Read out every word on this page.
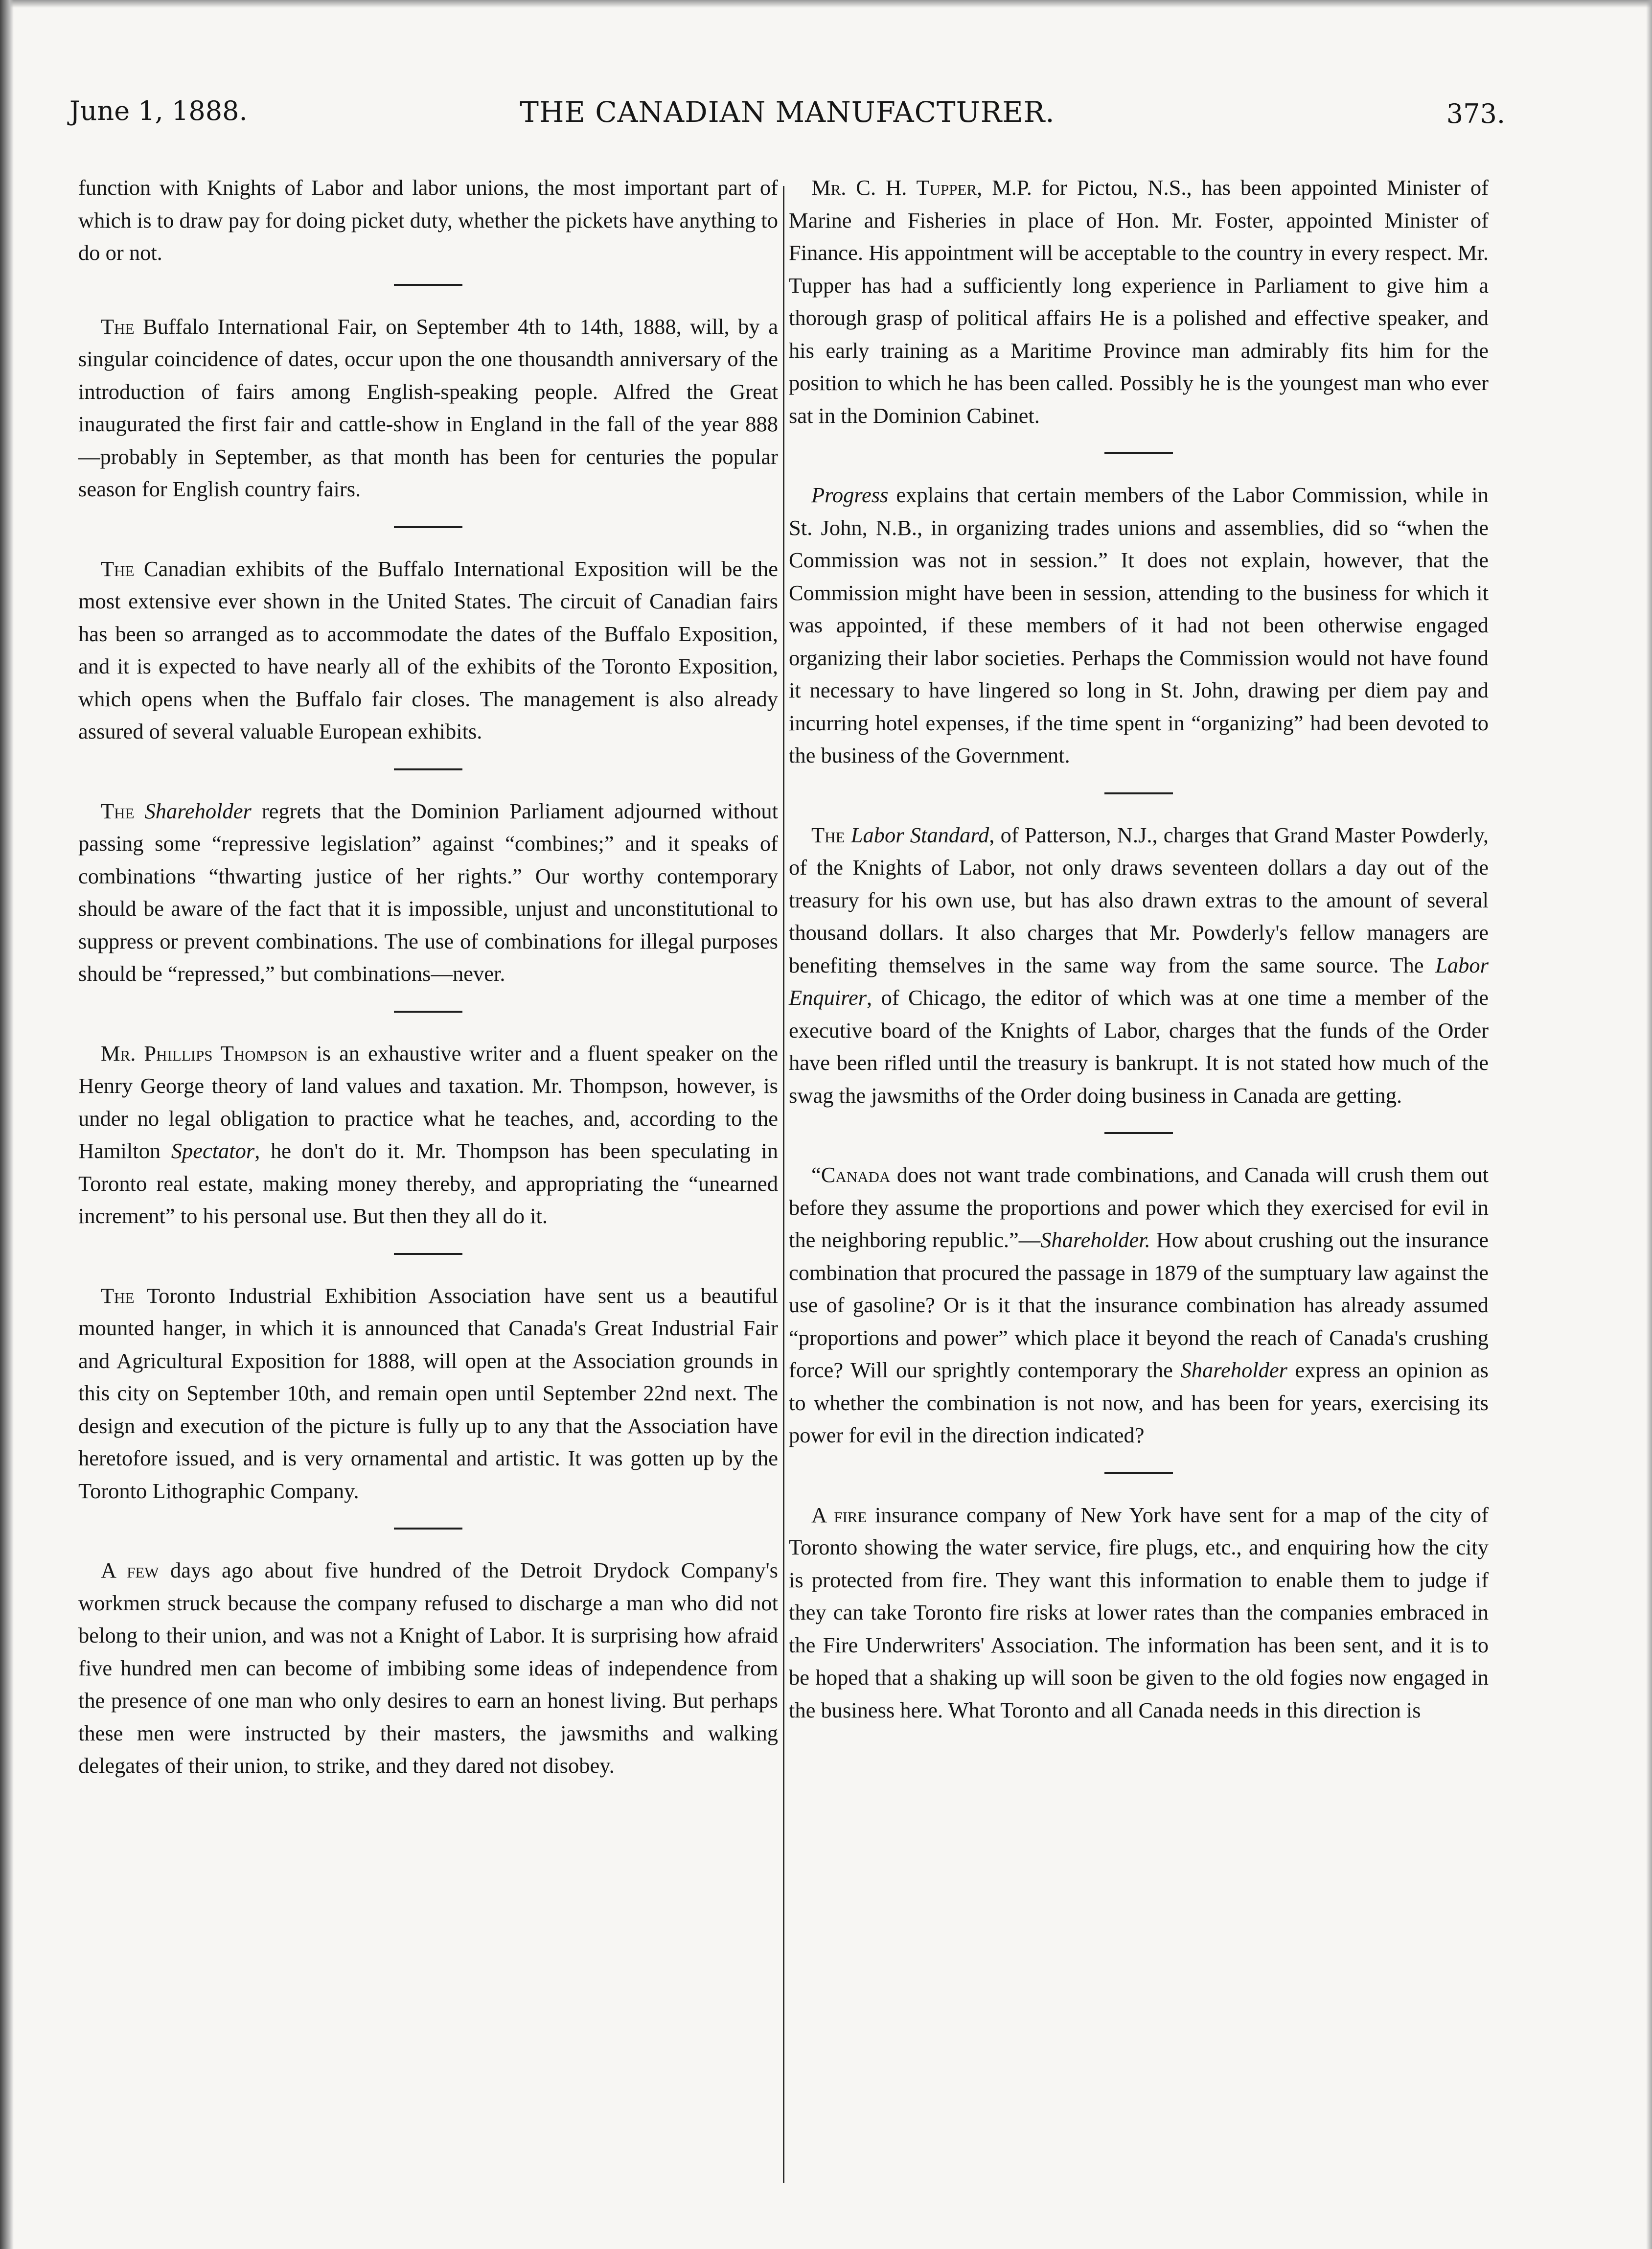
June 1, 1888.	THE CANADIAN MANUFACTURER.	373.

function with Knights of Labor and labor unions, the most important part of which is to draw pay for doing picket duty, whether the pickets have anything to do or not.

The Buffalo International Fair, on September 4th to 14th, 1888, will, by a singular coincidence of dates, occur upon the one thousandth anniversary of the introduction of fairs among English-speaking people. Alfred the Great inaugurated the first fair and cattle-show in England in the fall of the year 888 —probably in September, as that month has been for centuries the popular season for English country fairs.

The Canadian exhibits of the Buffalo International Exposition will be the most extensive ever shown in the United States. The circuit of Canadian fairs has been so arranged as to accommodate the dates of the Buffalo Exposition, and it is expected to have nearly all of the exhibits of the Toronto Exposition, which opens when the Buffalo fair closes. The management is also already assured of several valuable European exhibits.

The Shareholder regrets that the Dominion Parliament adjourned without passing some “repressive legislation” against “combines;” and it speaks of combinations “thwarting justice of her rights.” Our worthy contemporary should be aware of the fact that it is impossible, unjust and unconstitutional to suppress or prevent combinations. The use of combinations for illegal purposes should be “repressed,” but combinations—never.

Mr. Phillips Thompson is an exhaustive writer and a fluent speaker on the Henry George theory of land values and taxation. Mr. Thompson, however, is under no legal obligation to practice what he teaches, and, according to the Hamilton Spectator, he don't do it. Mr. Thompson has been speculating in Toronto real estate, making money thereby, and appropriating the “unearned increment” to his personal use. But then they all do it.

The Toronto Industrial Exhibition Association have sent us a beautiful mounted hanger, in which it is announced that Canada's Great Industrial Fair and Agricultural Exposition for 1888, will open at the Association grounds in this city on September 10th, and remain open until September 22nd next. The design and execution of the picture is fully up to any that the Association have heretofore issued, and is very ornamental and artistic. It was gotten up by the Toronto Lithographic Company.

A few days ago about five hundred of the Detroit Drydock Company's workmen struck because the company refused to discharge a man who did not belong to their union, and was not a Knight of Labor. It is surprising how afraid five hundred men can become of imbibing some ideas of independence from the presence of one man who only desires to earn an honest living. But perhaps these men were instructed by their masters, the jawsmiths and walking delegates of their union, to strike, and they dared not disobey.

Mr. C. H. Tupper, M.P. for Pictou, N.S., has been appointed Minister of Marine and Fisheries in place of Hon. Mr. Foster, appointed Minister of Finance. His appointment will be acceptable to the country in every respect. Mr. Tupper has had a sufficiently long experience in Parliament to give him a thorough grasp of political affairs He is a polished and effective speaker, and his early training as a Maritime Province man admirably fits him for the position to which he has been called. Possibly he is the youngest man who ever sat in the Dominion Cabinet.

Progress explains that certain members of the Labor Commission, while in St. John, N.B., in organizing trades unions and assemblies, did so “when the Commission was not in session.” It does not explain, however, that the Commission might have been in session, attending to the business for which it was appointed, if these members of it had not been otherwise engaged organizing their labor societies. Perhaps the Commission would not have found it necessary to have lingered so long in St. John, drawing per diem pay and incurring hotel expenses, if the time spent in “organizing” had been devoted to the business of the Government.

The Labor Standard, of Patterson, N.J., charges that Grand Master Powderly, of the Knights of Labor, not only draws seventeen dollars a day out of the treasury for his own use, but has also drawn extras to the amount of several thousand dollars. It also charges that Mr. Powderly's fellow managers are benefiting themselves in the same way from the same source. The Labor Enquirer, of Chicago, the editor of which was at one time a member of the executive board of the Knights of Labor, charges that the funds of the Order have been rifled until the treasury is bankrupt. It is not stated how much of the swag the jawsmiths of the Order doing business in Canada are getting.

“Canada does not want trade combinations, and Canada will crush them out before they assume the proportions and power which they exercised for evil in the neighboring republic.”—Shareholder. How about crushing out the insurance combination that procured the passage in 1879 of the sumptuary law against the use of gasoline? Or is it that the insurance combination has already assumed “proportions and power” which place it beyond the reach of Canada's crushing force? Will our sprightly contemporary the Shareholder express an opinion as to whether the combination is not now, and has been for years, exercising its power for evil in the direction indicated?

A fire insurance company of New York have sent for a map of the city of Toronto showing the water service, fire plugs, etc., and enquiring how the city is protected from fire. They want this information to enable them to judge if they can take Toronto fire risks at lower rates than the companies embraced in the Fire Underwriters' Association. The information has been sent, and it is to be hoped that a shaking up will soon be given to the old fogies now engaged in the business here. What Toronto and all Canada needs in this direction is
